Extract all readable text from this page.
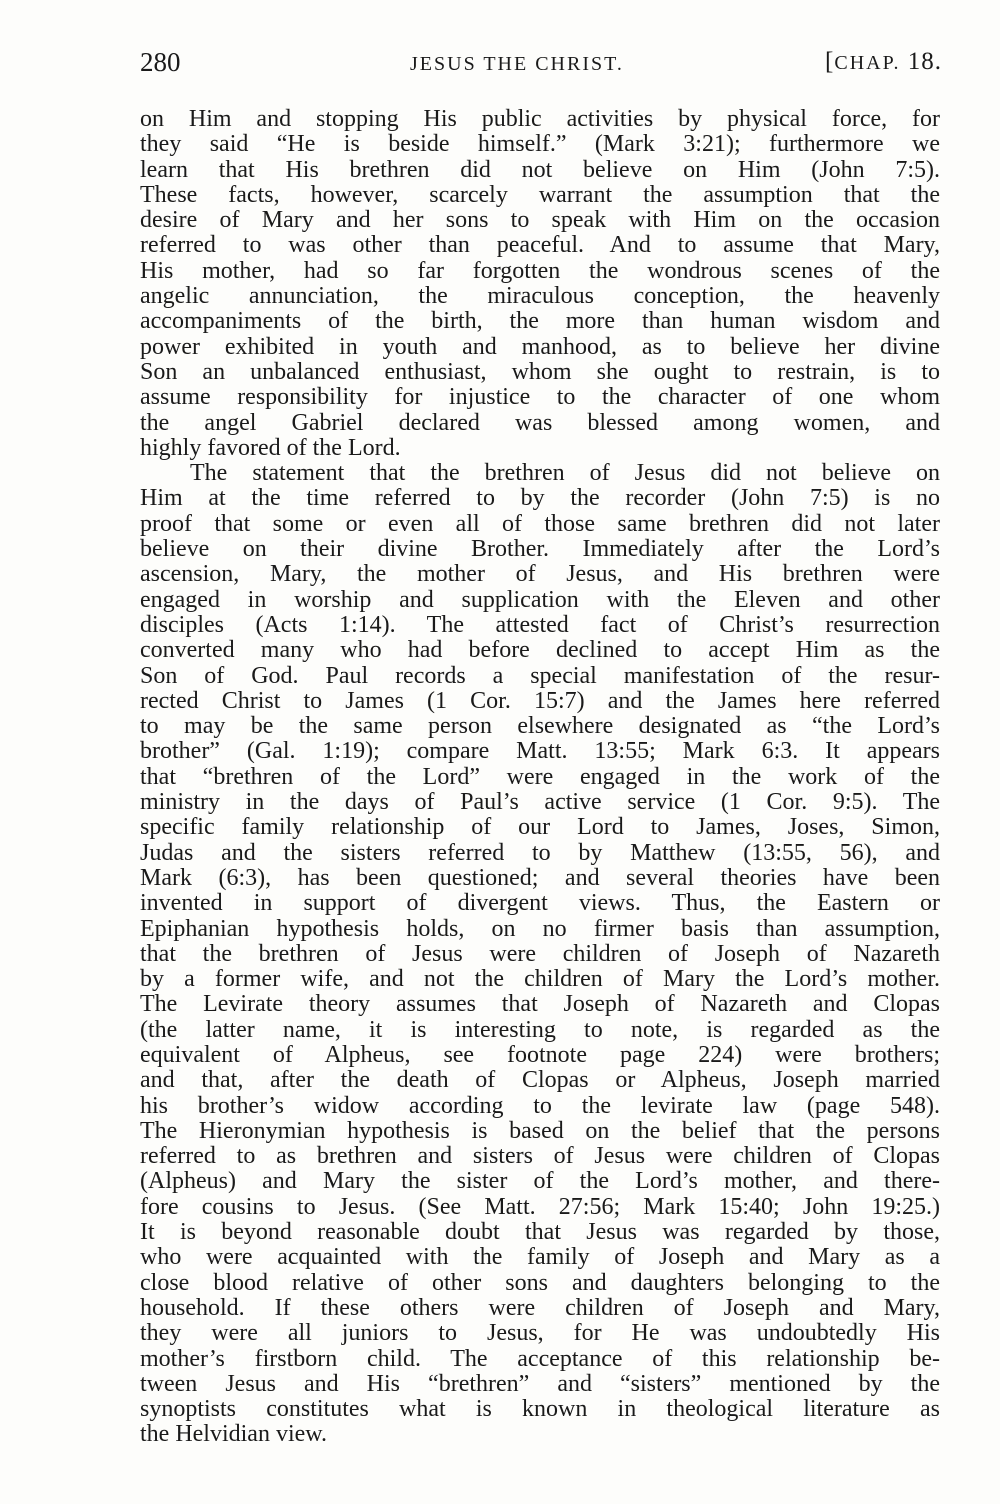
280	JESUS THE CHRIST.	[CHAP. 18.
on Him and stopping His public activities by physical force, for
they said “He is beside himself.” (Mark 3:21); furthermore we
learn that His brethren did not believe on Him (John 7:5).
These facts, however, scarcely warrant the assumption that the
desire of Mary and her sons to speak with Him on the occasion
referred to was other than peaceful. And to assume that Mary,
His mother, had so far forgotten the wondrous scenes of the
angelic annunciation, the miraculous conception, the heavenly
accompaniments of the birth, the more than human wisdom and
power exhibited in youth and manhood, as to believe her divine
Son an unbalanced enthusiast, whom she ought to restrain, is to
assume responsibility for injustice to the character of one whom
the angel Gabriel declared was blessed among women, and
highly favored of the Lord.
The statement that the brethren of Jesus did not believe on
Him at the time referred to by the recorder (John 7:5) is no
proof that some or even all of those same brethren did not later
believe on their divine Brother. Immediately after the Lord’s
ascension, Mary, the mother of Jesus, and His brethren were
engaged in worship and supplication with the Eleven and other
disciples (Acts 1:14). The attested fact of Christ’s resurrection
converted many who had before declined to accept Him as the
Son of God. Paul records a special manifestation of the resur-
rected Christ to James (1 Cor. 15:7) and the James here referred
to may be the same person elsewhere designated as “the Lord’s
brother” (Gal. 1:19); compare Matt. 13:55; Mark 6:3. It appears
that “brethren of the Lord” were engaged in the work of the
ministry in the days of Paul’s active service (1 Cor. 9:5). The
specific family relationship of our Lord to James, Joses, Simon,
Judas and the sisters referred to by Matthew (13:55, 56), and
Mark (6:3), has been questioned; and several theories have been
invented in support of divergent views. Thus, the Eastern or
Epiphanian hypothesis holds, on no firmer basis than assumption,
that the brethren of Jesus were children of Joseph of Nazareth
by a former wife, and not the children of Mary the Lord’s mother.
The Levirate theory assumes that Joseph of Nazareth and Clopas
(the latter name, it is interesting to note, is regarded as the
equivalent of Alpheus, see footnote page 224) were brothers;
and that, after the death of Clopas or Alpheus, Joseph married
his brother’s widow according to the levirate law (page 548).
The Hieronymian hypothesis is based on the belief that the persons
referred to as brethren and sisters of Jesus were children of Clopas
(Alpheus) and Mary the sister of the Lord’s mother, and there-
fore cousins to Jesus. (See Matt. 27:56; Mark 15:40; John 19:25.)
It is beyond reasonable doubt that Jesus was regarded by those,
who were acquainted with the family of Joseph and Mary as a
close blood relative of other sons and daughters belonging to the
household. If these others were children of Joseph and Mary,
they were all juniors to Jesus, for He was undoubtedly His
mother’s firstborn child. The acceptance of this relationship be-
tween Jesus and His “brethren” and “sisters” mentioned by the
synoptists constitutes what is known in theological literature as
the Helvidian view.
